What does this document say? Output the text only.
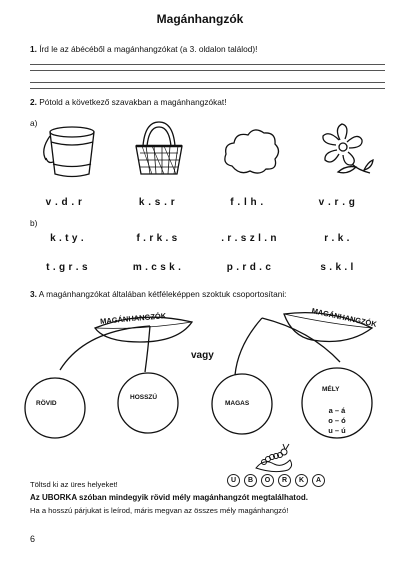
Magánhangzók
1. Írd le az ábécéből a magánhangzókat (a 3. oldalon találod)!
2. Pótold a következő szavakban a magánhangzókat!
a)
v . d . r	k . s . r	f . l h .	v . r . g
b)
k . t y .	f . r k . s	. r . s z l . n	r . k .
t . g r . s	m . c s k .	p . r d . c	s . k . l
3. A magánhangzókat általában kétféleképpen szoktuk csoportosítani:
MAGÁNHANGZÓK	MAGÁNHANGZÓK
vagy
RÖVID
HOSSZÚ
MAGAS
MÉLY
a – á
o – ó
u – ú
U	B	O	R	K	A
Töltsd ki az üres helyeket!
Az UBORKA szóban mindegyik rövid mély magánhangzót megtalálhatod.
Ha a hosszú párjukat is leírod, máris megvan az összes mély magánhangzó!
6
